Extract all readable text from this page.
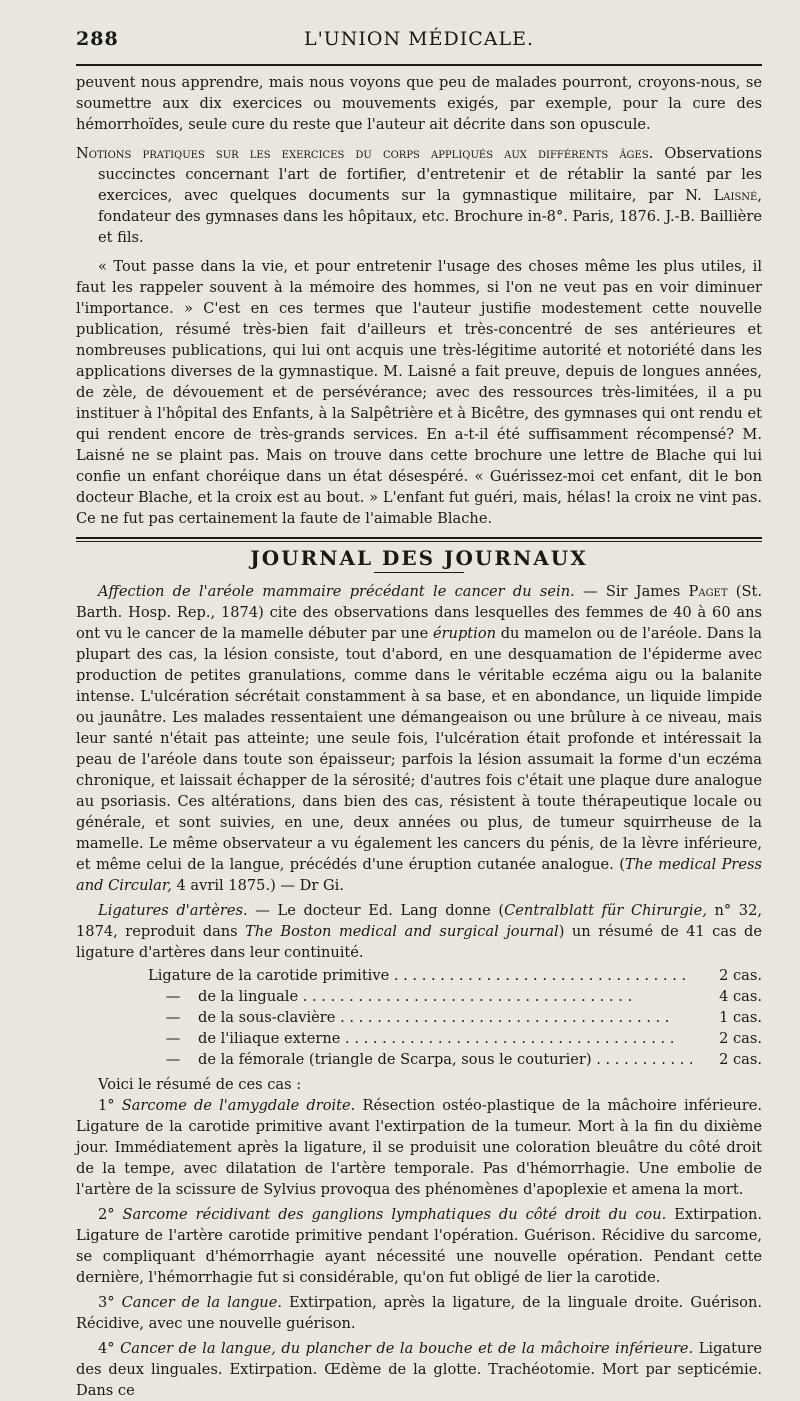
288	L'UNION MÉDICALE.

peuvent nous apprendre, mais nous voyons que peu de malades pourront, croyons-nous, se soumettre aux dix exercices ou mouvements exigés, par exemple, pour la cure des hémorrhoïdes, seule cure du reste que l'auteur ait décrite dans son opuscule.

Notions pratiques sur les exercices du corps appliqués aux différents âges. Observations succinctes concernant l'art de fortifier, d'entretenir et de rétablir la santé par les exercices, avec quelques documents sur la gymnastique militaire, par N. Laisné, fondateur des gymnases dans les hôpitaux, etc. Brochure in-8°. Paris, 1876. J.-B. Baillière et fils.

« Tout passe dans la vie, et pour entretenir l'usage des choses même les plus utiles, il faut les rappeler souvent à la mémoire des hommes, si l'on ne veut pas en voir diminuer l'importance. » C'est en ces termes que l'auteur justifie modestement cette nouvelle publication, résumé très-bien fait d'ailleurs et très-concentré de ses antérieures et nombreuses publications, qui lui ont acquis une très-légitime autorité et notoriété dans les applications diverses de la gymnastique. M. Laisné a fait preuve, depuis de longues années, de zèle, de dévouement et de persévérance; avec des ressources très-limitées, il a pu instituer à l'hôpital des Enfants, à la Salpêtrière et à Bicêtre, des gymnases qui ont rendu et qui rendent encore de très-grands services. En a-t-il été suffisamment récompensé? M. Laisné ne se plaint pas. Mais on trouve dans cette brochure une lettre de Blache qui lui confie un enfant choréique dans un état désespéré. « Guérissez-moi cet enfant, dit le bon docteur Blache, et la croix est au bout. » L'enfant fut guéri, mais, hélas! la croix ne vint pas. Ce ne fut pas certainement la faute de l'aimable Blache.

JOURNAL DES JOURNAUX

Affection de l'aréole mammaire précédant le cancer du sein. — Sir James Paget (St. Barth. Hosp. Rep., 1874) cite des observations dans lesquelles des femmes de 40 à 60 ans ont vu le cancer de la mamelle débuter par une éruption du mamelon ou de l'aréole. Dans la plupart des cas, la lésion consiste, tout d'abord, en une desquamation de l'épiderme avec production de petites granulations, comme dans le véritable eczéma aigu ou la balanite intense. L'ulcération sécrétait constamment à sa base, et en abondance, un liquide limpide ou jaunâtre. Les malades ressentaient une démangeaison ou une brûlure à ce niveau, mais leur santé n'était pas atteinte; une seule fois, l'ulcération était profonde et intéressait la peau de l'aréole dans toute son épaisseur; parfois la lésion assumait la forme d'un eczéma chronique, et laissait échapper de la sérosité; d'autres fois c'était une plaque dure analogue au psoriasis. Ces altérations, dans bien des cas, résistent à toute thérapeutique locale ou générale, et sont suivies, en une, deux années ou plus, de tumeur squirrheuse de la mamelle. Le même observateur a vu également les cancers du pénis, de la lèvre inférieure, et même celui de la langue, précédés d'une éruption cutanée analogue. (The medical Press and Circular, 4 avril 1875.) — Dr Gi.

Ligatures d'artères. — Le docteur Ed. Lang donne (Centralblatt für Chirurgie, n° 32, 1874, reproduit dans The Boston medical and surgical journal) un résumé de 41 cas de ligature d'artères dans leur continuité.

Ligature de la carotide primitive . . .	2 cas.
— de la linguale . . .	4 cas.
— de la sous-clavière . . .	1 cas.
— de l'iliaque externe . . .	2 cas.
— de la fémorale (triangle de Scarpa, sous le couturier) . . .	2 cas.

Voici le résumé de ces cas :

1° Sarcome de l'amygdale droite. Résection ostéo-plastique de la mâchoire inférieure. Ligature de la carotide primitive avant l'extirpation de la tumeur. Mort à la fin du dixième jour. Immédiatement après la ligature, il se produisit une coloration bleuâtre du côté droit de la tempe, avec dilatation de l'artère temporale. Pas d'hémorrhagie. Une embolie de l'artère de la scissure de Sylvius provoqua des phénomènes d'apoplexie et amena la mort.

2° Sarcome récidivant des ganglions lymphatiques du côté droit du cou. Extirpation. Ligature de l'artère carotide primitive pendant l'opération. Guérison. Récidive du sarcome, se compliquant d'hémorrhagie ayant nécessité une nouvelle opération. Pendant cette dernière, l'hémorrhagie fut si considérable, qu'on fut obligé de lier la carotide.

3° Cancer de la langue. Extirpation, après la ligature, de la linguale droite. Guérison. Récidive, avec une nouvelle guérison.

4° Cancer de la langue, du plancher de la bouche et de la mâchoire inférieure. Ligature des deux linguales. Extirpation. Œdème de la glotte. Trachéotomie. Mort par septicémie. Dans ce
